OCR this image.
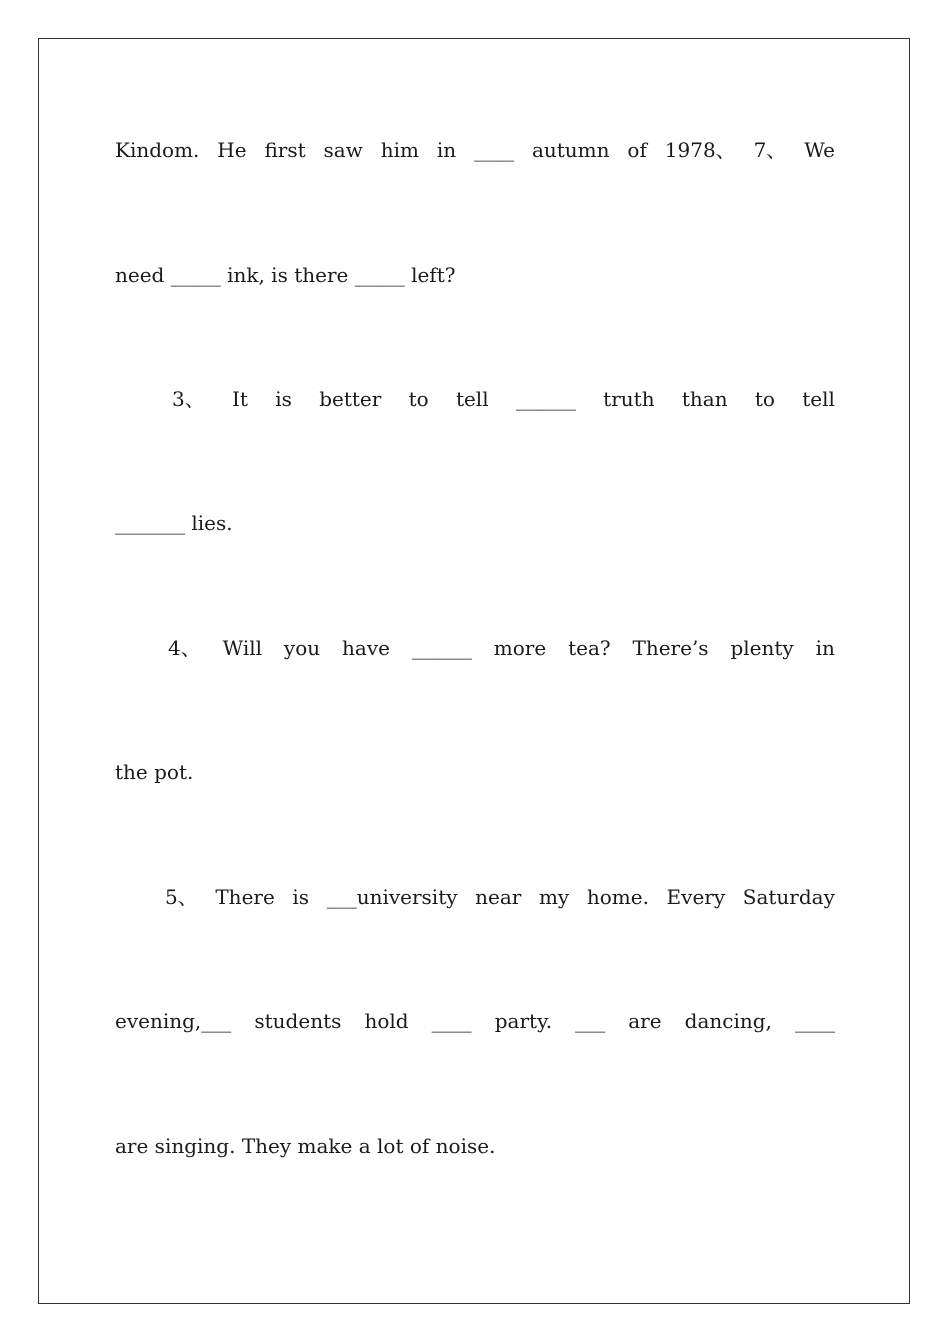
Kindom. He first saw him in ____ autumn of 1978、 7、 We
need _____ ink, is there _____ left?
3、 It is better to tell ______ truth than to tell
_______ lies.
4、 Will you have ______ more tea? There’s plenty in
the pot.
5、 There is ___university near my home. Every Saturday
evening,___ students hold ____ party. ___ are dancing, ____
are singing. They make a lot of noise.
